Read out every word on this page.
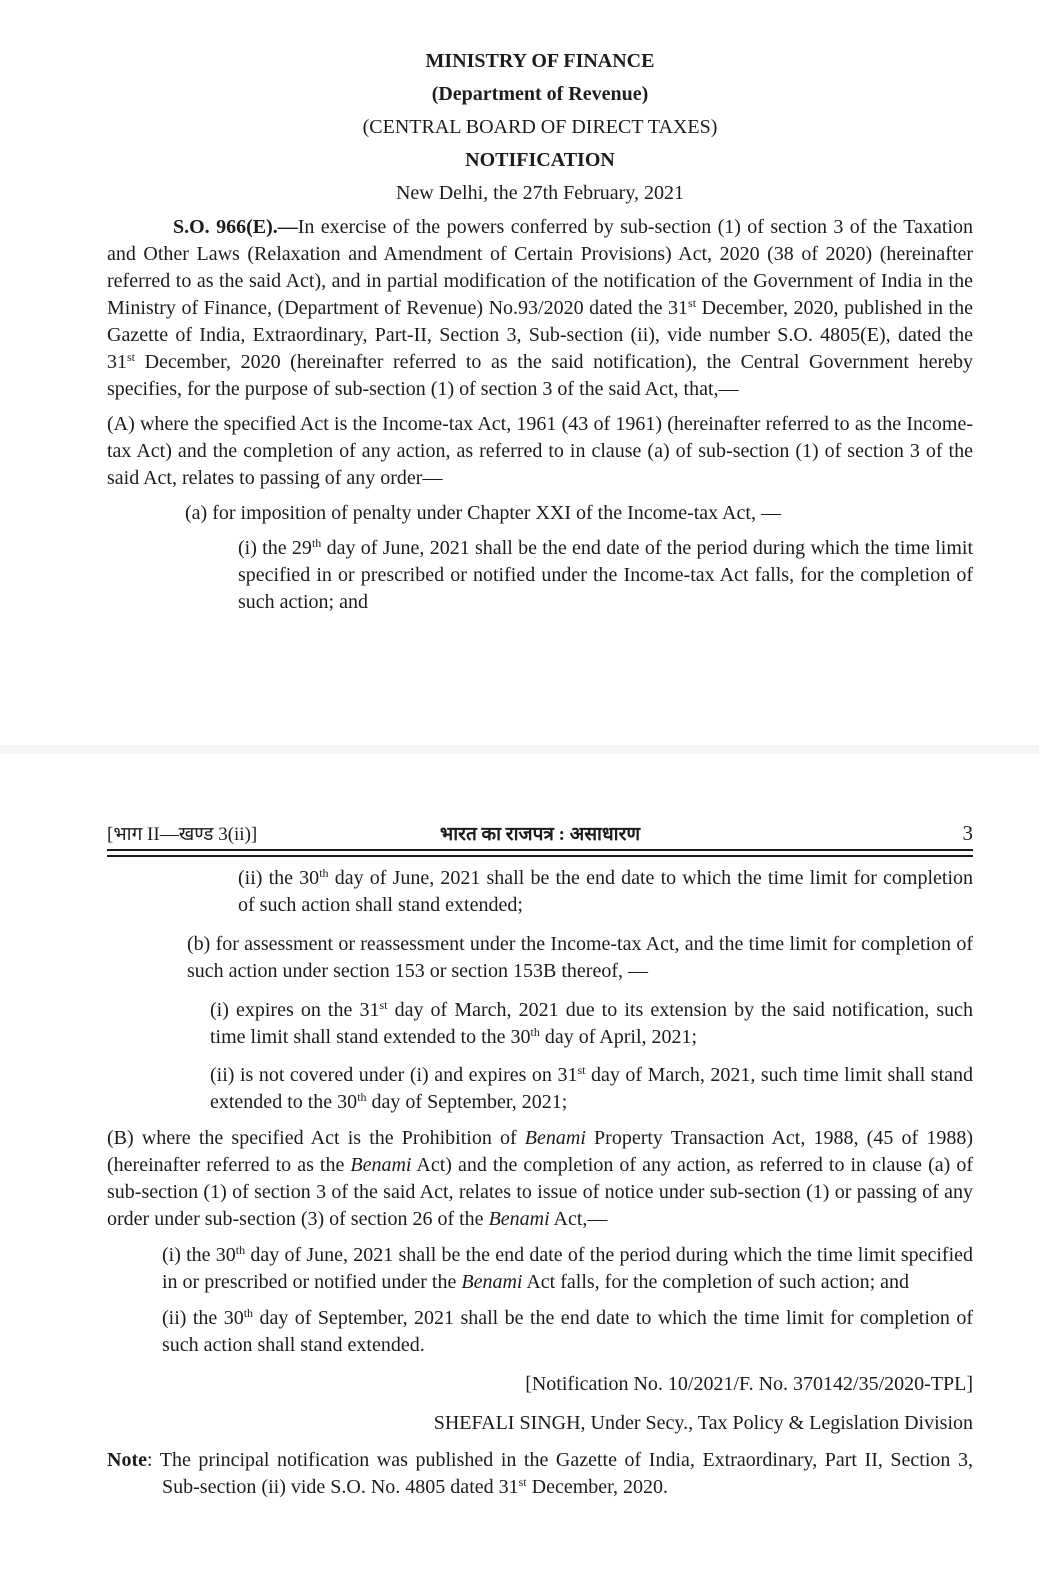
MINISTRY OF FINANCE
(Department of Revenue)
(CENTRAL BOARD OF DIRECT TAXES)
NOTIFICATION
New Delhi, the 27th February, 2021

S.O. 966(E).—In exercise of the powers conferred by sub-section (1) of section 3 of the Taxation and Other Laws (Relaxation and Amendment of Certain Provisions) Act, 2020 (38 of 2020) (hereinafter referred to as the said Act), and in partial modification of the notification of the Government of India in the Ministry of Finance, (Department of Revenue) No.93/2020 dated the 31st December, 2020, published in the Gazette of India, Extraordinary, Part-II, Section 3, Sub-section (ii), vide number S.O. 4805(E), dated the 31st December, 2020 (hereinafter referred to as the said notification), the Central Government hereby specifies, for the purpose of sub-section (1) of section 3 of the said Act, that,—

(A) where the specified Act is the Income-tax Act, 1961 (43 of 1961) (hereinafter referred to as the Income-tax Act) and the completion of any action, as referred to in clause (a) of sub-section (1) of section 3 of the said Act, relates to passing of any order—

(a) for imposition of penalty under Chapter XXI of the Income-tax Act, —

(i) the 29th day of June, 2021 shall be the end date of the period during which the time limit specified in or prescribed or notified under the Income-tax Act falls, for the completion of such action; and

[भाग II—खण्ड 3(ii)]	भारत का राजपत्र : असाधारण	3

(ii) the 30th day of June, 2021 shall be the end date to which the time limit for completion of such action shall stand extended;

(b) for assessment or reassessment under the Income-tax Act, and the time limit for completion of such action under section 153 or section 153B thereof, —

(i) expires on the 31st day of March, 2021 due to its extension by the said notification, such time limit shall stand extended to the 30th day of April, 2021;

(ii) is not covered under (i) and expires on 31st day of March, 2021, such time limit shall stand extended to the 30th day of September, 2021;

(B) where the specified Act is the Prohibition of Benami Property Transaction Act, 1988, (45 of 1988) (hereinafter referred to as the Benami Act) and the completion of any action, as referred to in clause (a) of sub-section (1) of section 3 of the said Act, relates to issue of notice under sub-section (1) or passing of any order under sub-section (3) of section 26 of the Benami Act,—

(i) the 30th day of June, 2021 shall be the end date of the period during which the time limit specified in or prescribed or notified under the Benami Act falls, for the completion of such action; and

(ii) the 30th day of September, 2021 shall be the end date to which the time limit for completion of such action shall stand extended.

[Notification No. 10/2021/F. No. 370142/35/2020-TPL]

SHEFALI SINGH, Under Secy., Tax Policy & Legislation Division

Note: The principal notification was published in the Gazette of India, Extraordinary, Part II, Section 3, Sub-section (ii) vide S.O. No. 4805 dated 31st December, 2020.
